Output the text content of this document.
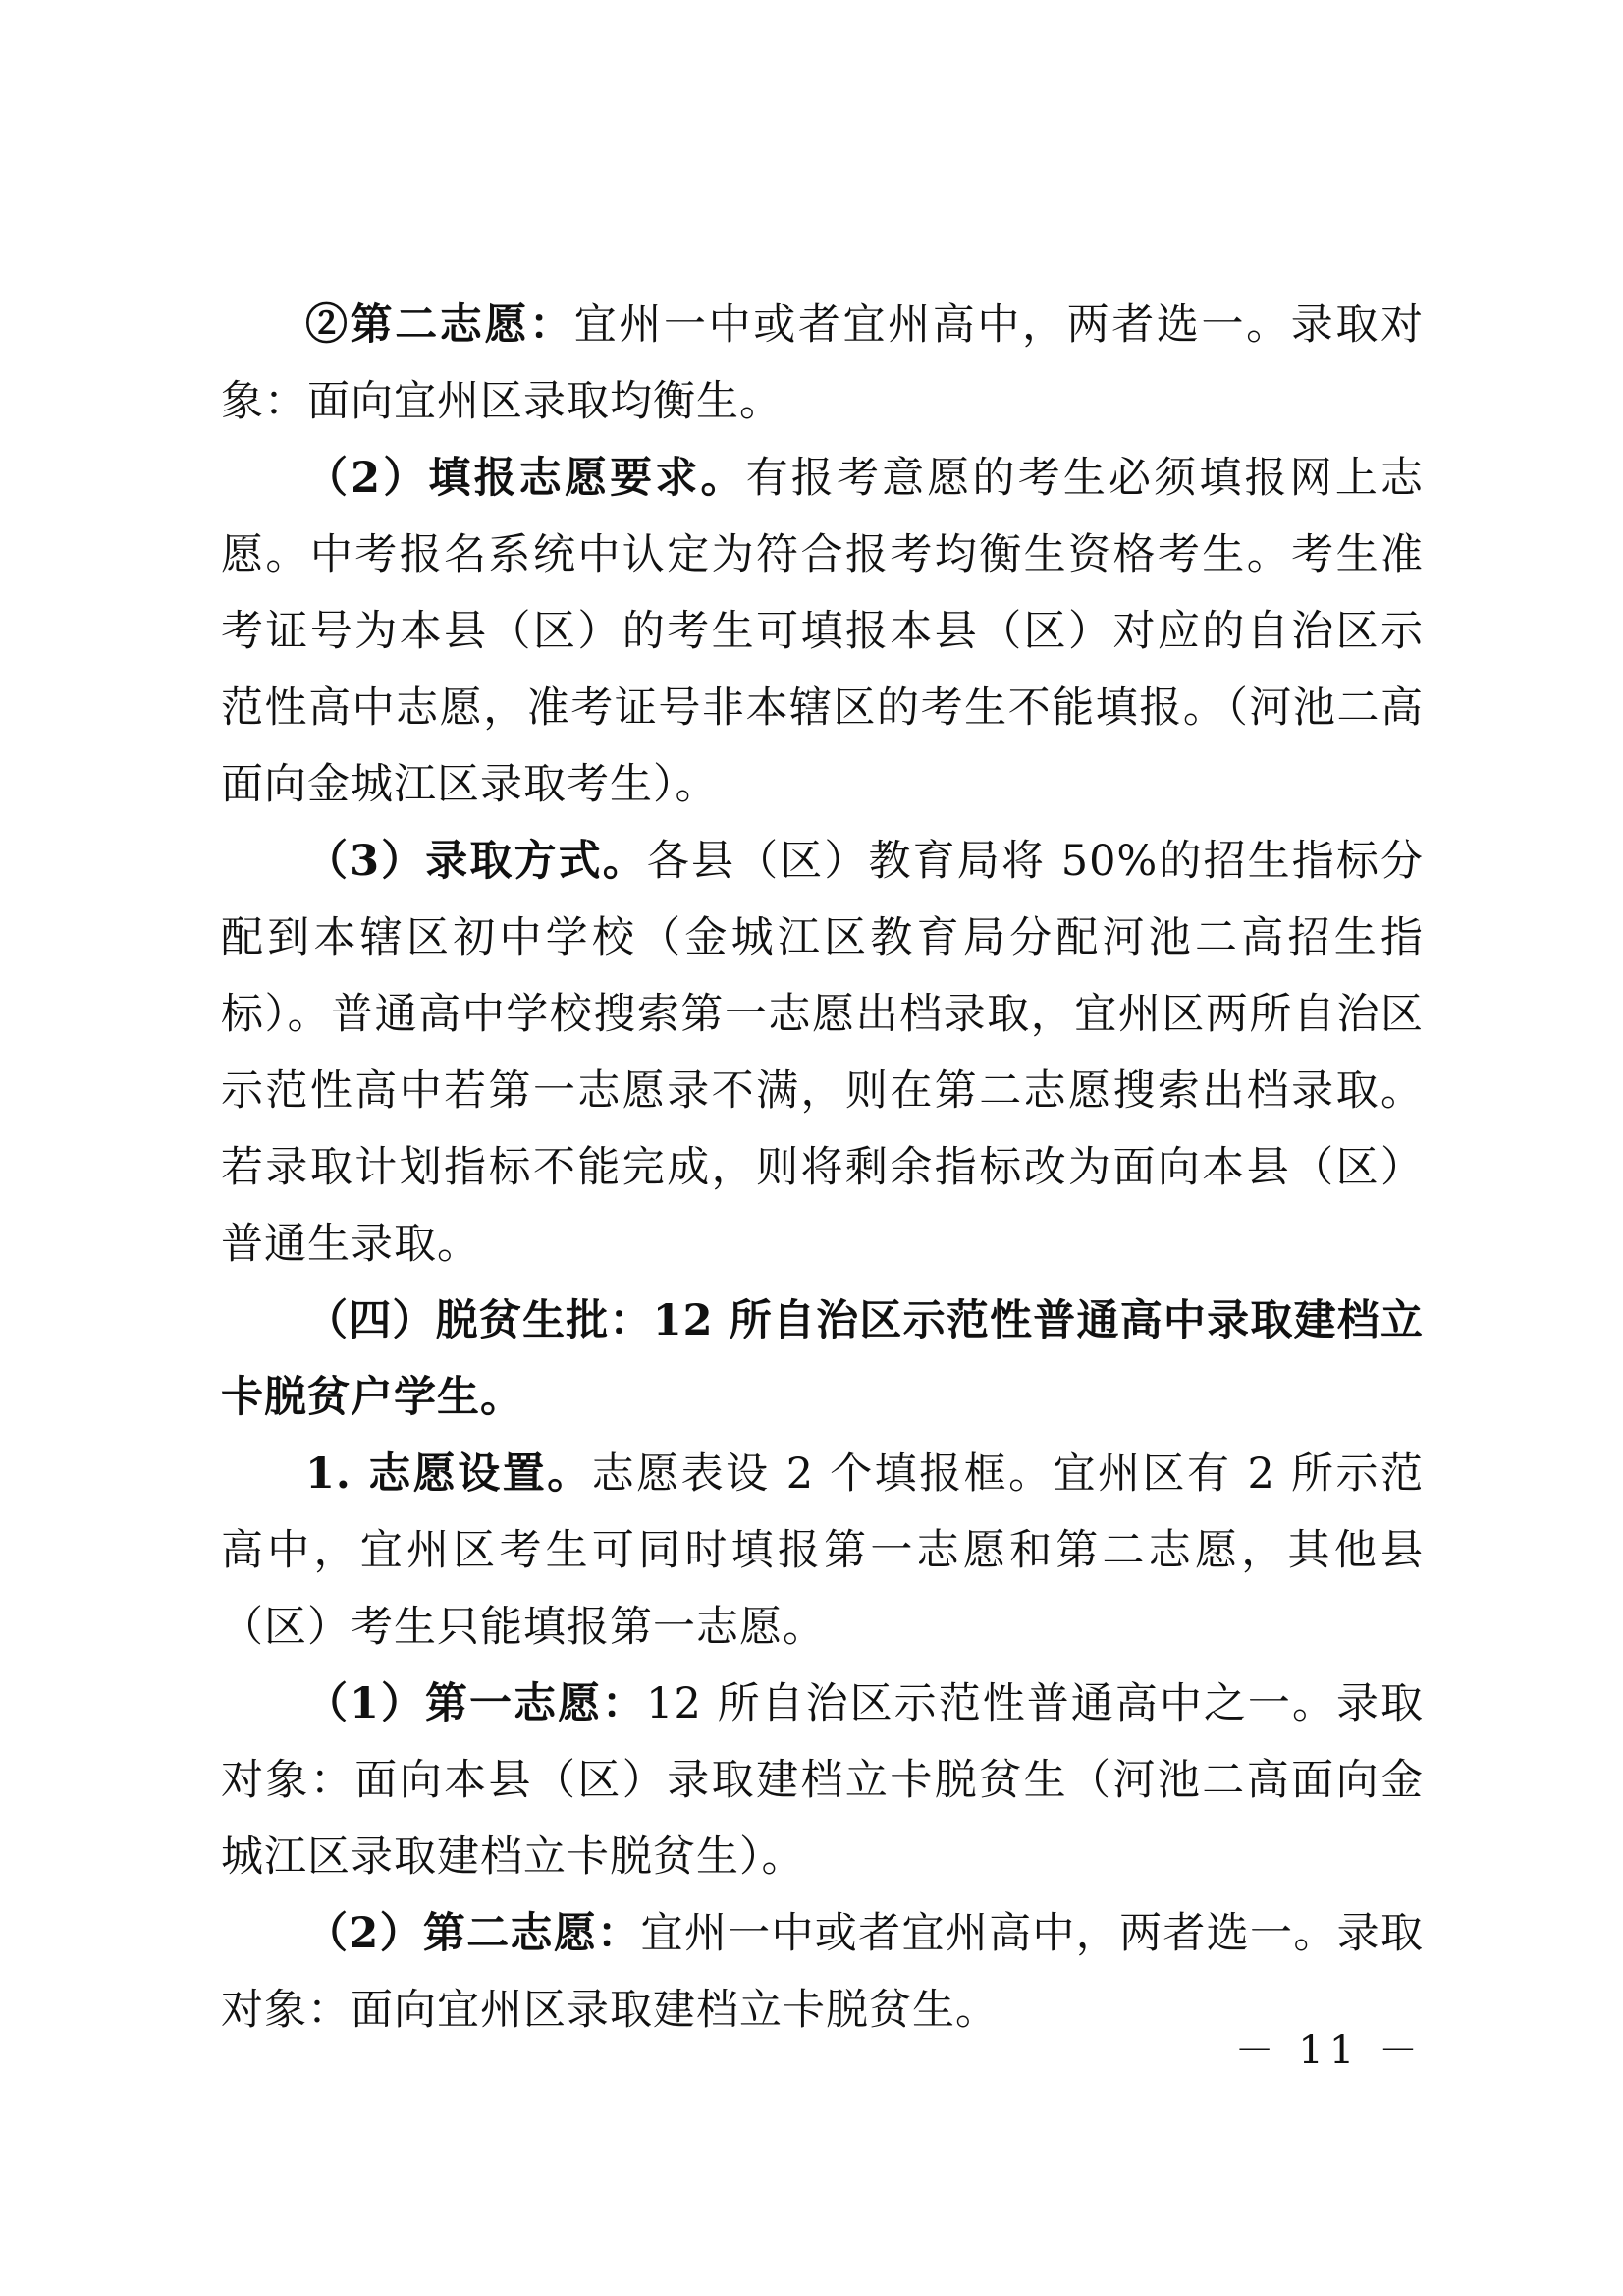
②第二志愿：宜州一中或者宜州高中，两者选一。录取对象：面向宜州区录取均衡生。

（2）填报志愿要求。有报考意愿的考生必须填报网上志愿。中考报名系统中认定为符合报考均衡生资格考生。考生准考证号为本县（区）的考生可填报本县（区）对应的自治区示范性高中志愿，准考证号非本辖区的考生不能填报。（河池二高面向金城江区录取考生）。

（3）录取方式。各县（区）教育局将 50%的招生指标分配到本辖区初中学校（金城江区教育局分配河池二高招生指标）。普通高中学校搜索第一志愿出档录取，宜州区两所自治区示范性高中若第一志愿录不满，则在第二志愿搜索出档录取。若录取计划指标不能完成，则将剩余指标改为面向本县（区）普通生录取。

（四）脱贫生批：12 所自治区示范性普通高中录取建档立卡脱贫户学生。

1. 志愿设置。志愿表设 2 个填报框。宜州区有 2 所示范高中，宜州区考生可同时填报第一志愿和第二志愿，其他县（区）考生只能填报第一志愿。

（1）第一志愿：12 所自治区示范性普通高中之一。录取对象：面向本县（区）录取建档立卡脱贫生（河池二高面向金城江区录取建档立卡脱贫生）。

（2）第二志愿：宜州一中或者宜州高中，两者选一。录取对象：面向宜州区录取建档立卡脱贫生。

－ 11 －
